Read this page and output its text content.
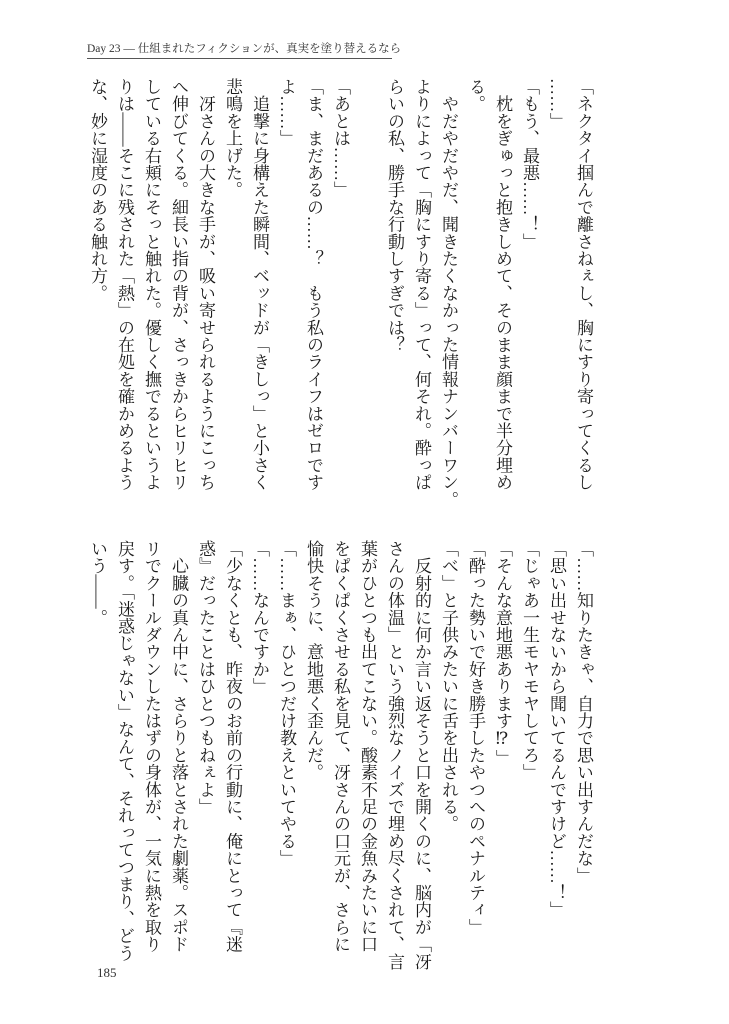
Day 23 — 仕組まれたフィクションが、真実を塗り替えるなら
「ネクタイ掴んで離さねぇし、胸にすり寄ってくるし
……」
「もう、最悪……！」
　枕をぎゅっと抱きしめて、そのまま顔まで半分埋め
る。
　やだやだやだ、聞きたくなかった情報ナンバーワン。
よりによって「胸にすり寄る」って、何それ。酔っぱ
らいの私、勝手な行動しすぎでは？
「あとは……」
「ま、まだあるの……？　もう私のライフはゼロです
よ……」
　追撃に身構えた瞬間、ベッドが「きしっ」と小さく
悲鳴を上げた。
　冴さんの大きな手が、吸い寄せられるようにこっち
へ伸びてくる。細長い指の背が、さっきからヒリヒリ
している右頬にそっと触れた。優しく撫でるというよ
りは——そこに残された「熱」の在処を確かめるよう
な、妙に湿度のある触れ方。
「……知りたきゃ、自力で思い出すんだな」
「思い出せないから聞いてるんですけど……！」
「じゃあ一生モヤモヤしてろ」
「そんな意地悪あります⁉」
「酔った勢いで好き勝手したやつへのペナルティ」
「べ」と子供みたいに舌を出される。
　反射的に何か言い返そうと口を開くのに、脳内が「冴
さんの体温」という強烈なノイズで埋め尽くされて、言
葉がひとつも出てこない。酸素不足の金魚みたいに口
をぱくぱくさせる私を見て、冴さんの口元が、さらに
愉快そうに、意地悪く歪んだ。
「……まぁ、ひとつだけ教えといてやる」
「……なんですか」
「少なくとも、昨夜のお前の行動に、俺にとって『迷
惑』だったことはひとつもねぇよ」
　心臓の真ん中に、さらりと落とされた劇薬。スポド
リでクールダウンしたはずの身体が、一気に熱を取り
戻す。「迷惑じゃない」なんて、それってつまり、どう
いう——。
185
